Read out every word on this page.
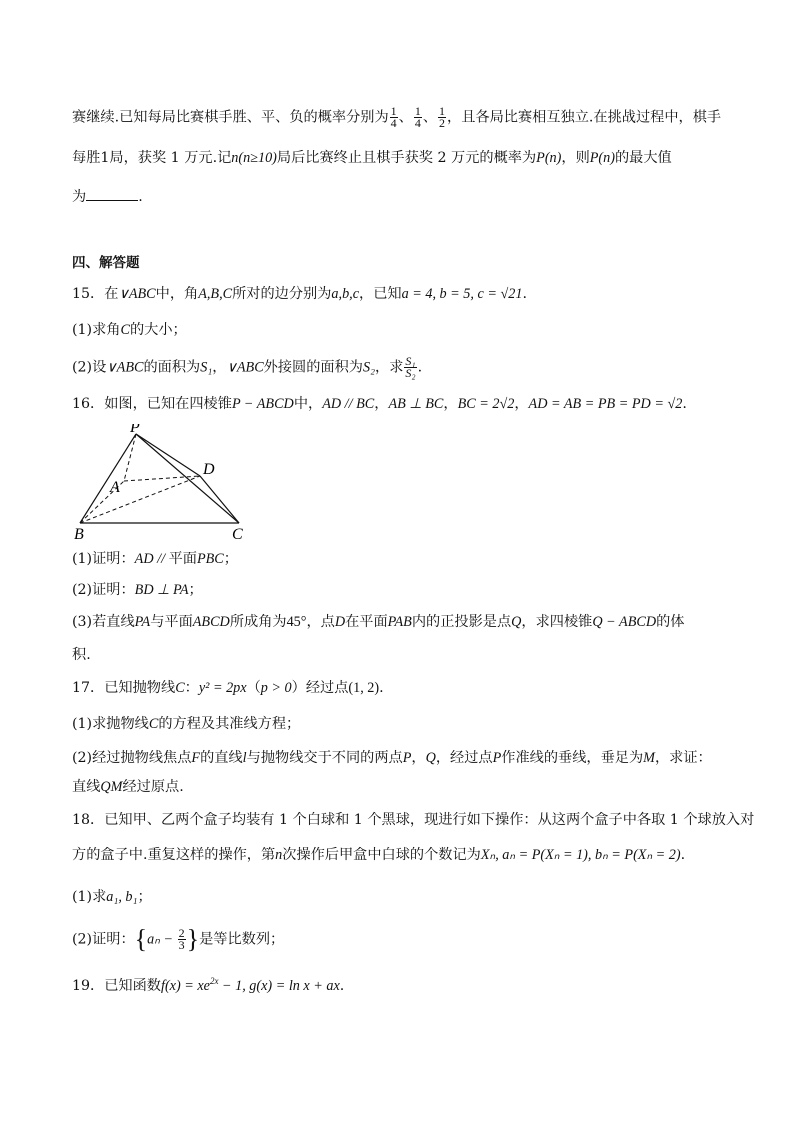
赛继续.已知每局比赛棋手胜、平、负的概率分别为 $\frac{1}{4}$ 、 $\frac{1}{4}$ 、 $\frac{1}{2}$ ，且各局比赛相互独立.在挑战过程中，棋手
每胜1局，获奖 1 万元.记n(n≥10)局后比赛终止且棋手获奖 2 万元的概率为P(n)，则P(n)的最大值
为	.
四、解答题
15．在∨ABC中，角A,B,C所对的边分别为a,b,c，已知a = 4, b = 5, c = √21.
(1)求角C的大小；
(2)设∨ABC的面积为S₁，∨ABC外接圆的面积为S₂，求 $\frac{\text{S₁}}{\text{S₂}}$ .
16．如图，已知在四棱锥P − ABCD中，AD // BC，AB ⊥ BC，BC = 2√2，AD = AB = PB = PD = √2.
P
D
A
B	C
(1)证明：AD // 平面PBC；
(2)证明：BD ⊥ PA；
(3)若直线PA与平面ABCD所成角为45°，点D在平面PAB内的正投影是点Q，求四棱锥Q − ABCD的体
积.
17．已知抛物线C：y² = 2px（p > 0）经过点(1, 2).
(1)求抛物线C的方程及其准线方程；
(2)经过抛物线焦点F的直线l与抛物线交于不同的两点P，Q，经过点P作准线的垂线，垂足为M，求证：
直线QM经过原点.
18．已知甲、乙两个盒子均装有 1 个白球和 1 个黑球，现进行如下操作：从这两个盒子中各取 1 个球放入对
方的盒子中.重复这样的操作，第n次操作后甲盒中白球的个数记为Xₙ, aₙ = P(Xₙ = 1), bₙ = P(Xₙ = 2).
(1)求a₁, b₁；
(2)证明：{$a_n - \frac{2}{3}$ }是等比数列；
19．已知函数$f(x) = xe^{2x} - 1$, g(x) = ln x + ax.
